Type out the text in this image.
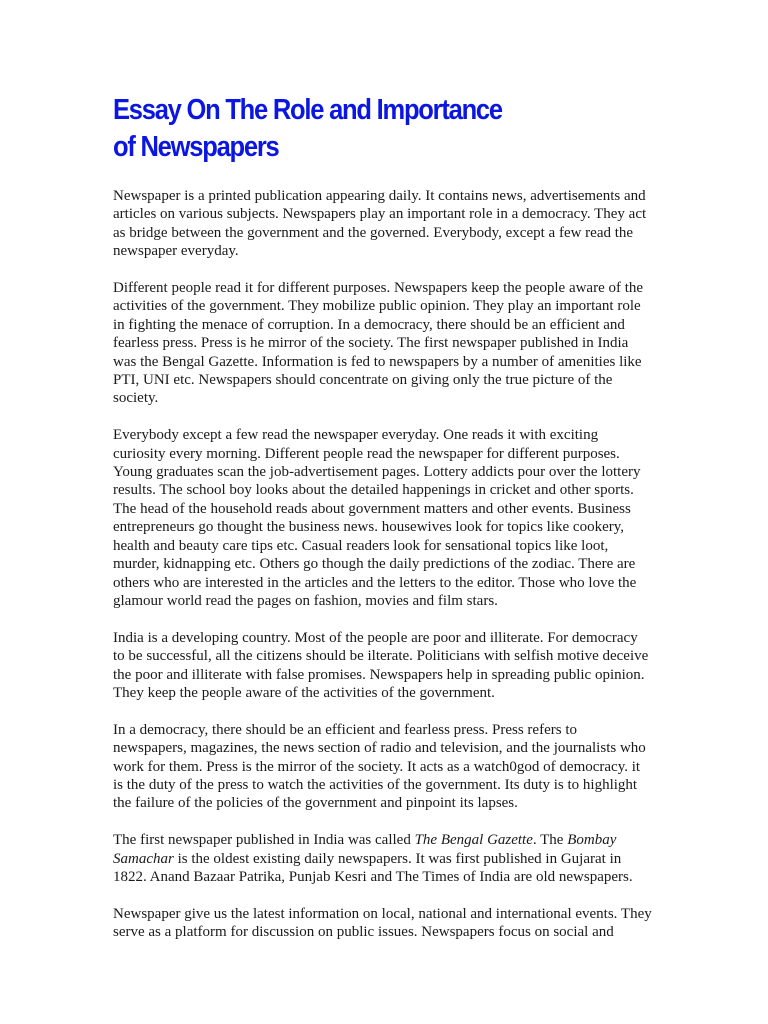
Essay On The Role and Importance
of Newspapers

Newspaper is a printed publication appearing daily. It contains news, advertisements and
articles on various subjects. Newspapers play an important role in a democracy. They act
as bridge between the government and the governed. Everybody, except a few read the
newspaper everyday.

Different people read it for different purposes. Newspapers keep the people aware of the
activities of the government. They mobilize public opinion. They play an important role
in fighting the menace of corruption. In a democracy, there should be an efficient and
fearless press. Press is he mirror of the society. The first newspaper published in India
was the Bengal Gazette. Information is fed to newspapers by a number of amenities like
PTI, UNI etc. Newspapers should concentrate on giving only the true picture of the
society.

Everybody except a few read the newspaper everyday. One reads it with exciting
curiosity every morning. Different people read the newspaper for different purposes.
Young graduates scan the job-advertisement pages. Lottery addicts pour over the lottery
results. The school boy looks about the detailed happenings in cricket and other sports.
The head of the household reads about government matters and other events. Business
entrepreneurs go thought the business news. housewives look for topics like cookery,
health and beauty care tips etc. Casual readers look for sensational topics like loot,
murder, kidnapping etc. Others go though the daily predictions of the zodiac. There are
others who are interested in the articles and the letters to the editor. Those who love the
glamour world read the pages on fashion, movies and film stars.

India is a developing country. Most of the people are poor and illiterate. For democracy
to be successful, all the citizens should be ilterate. Politicians with selfish motive deceive
the poor and illiterate with false promises. Newspapers help in spreading public opinion.
They keep the people aware of the activities of the government.

In a democracy, there should be an efficient and fearless press. Press refers to
newspapers, magazines, the news section of radio and television, and the journalists who
work for them. Press is the mirror of the society. It acts as a watch0god of democracy. it
is the duty of the press to watch the activities of the government. Its duty is to highlight
the failure of the policies of the government and pinpoint its lapses.

The first newspaper published in India was called The Bengal Gazette. The Bombay
Samachar is the oldest existing daily newspapers. It was first published in Gujarat in
1822. Anand Bazaar Patrika, Punjab Kesri and The Times of India are old newspapers.

Newspaper give us the latest information on local, national and international events. They
serve as a platform for discussion on public issues. Newspapers focus on social and
